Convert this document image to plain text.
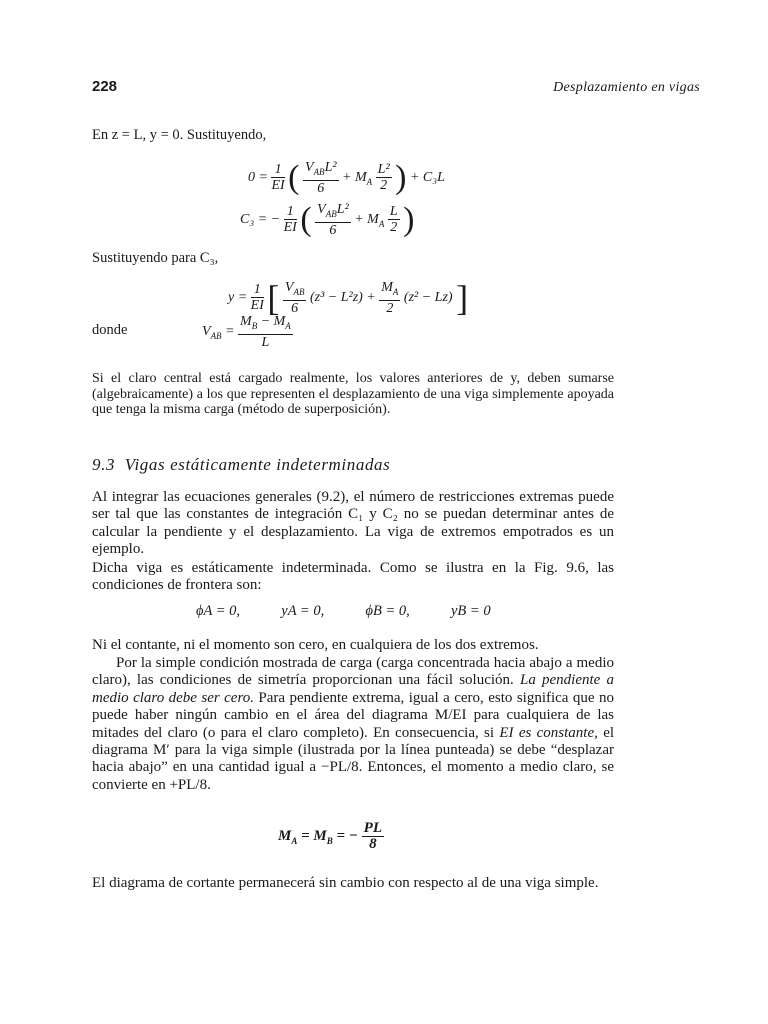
228	Desplazamiento en vigas
En z = L, y = 0. Sustituyendo,
$0 = \frac{1}{EI}$ ( $\frac{V_{AB}L^2}{6} + M_A \frac{\text{L²}}{2}$ ) + C₃L
C₃ = − $\frac{1}{EI}$ ( $\frac{V_{AB}L^2}{6} + M_A \frac{L}{2}$ )
Sustituyendo para C₃,
$y = \frac{1}{EI}$ [ $\frac{V_{AB}}{6} (z^3 - L^2z) + \frac{M_A}{2} (z^2 - Lz)$ ]
donde	$V_{AB} = \frac{M_B - M_A}{L}$
Si el claro central está cargado realmente, los valores anteriores de y, deben sumarse (algebraicamente) a los que representen el desplazamiento de una viga simplemente apoyada que tenga la misma carga (método de superposición).
9.3 Vigas estáticamente indeterminadas
Al integrar las ecuaciones generales (9.2), el número de restricciones extremas puede ser tal que las constantes de integración C₁ y C₂ no se puedan determinar antes de calcular la pendiente y el desplazamiento. La viga de extremos empotrados es un ejemplo.
Dicha viga es estáticamente indeterminada. Como se ilustra en la Fig. 9.6, las condiciones de frontera son:
ϕA = 0,	yA = 0,	ϕB = 0,	yB = 0
Ni el contante, ni el momento son cero, en cualquiera de los dos extremos.
Por la simple condición mostrada de carga (carga concentrada hacia abajo a medio claro), las condiciones de simetría proporcionan una fácil solución. La pendiente a medio claro debe ser cero. Para pendiente extrema, igual a cero, esto significa que no puede haber ningún cambio en el área del diagrama M/EI para cualquiera de las mitades del claro (o para el claro completo). En consecuencia, si EI es constante, el diagrama M′ para la viga simple (ilustrada por la línea punteada) se debe “desplazar hacia abajo” en una cantidad igual a −PL/8. Entonces, el momento a medio claro, se convierte en +PL/8.
$M_A = M_B$ = − $\frac{PL}{8}$
El diagrama de cortante permanecerá sin cambio con respecto al de una viga simple.
